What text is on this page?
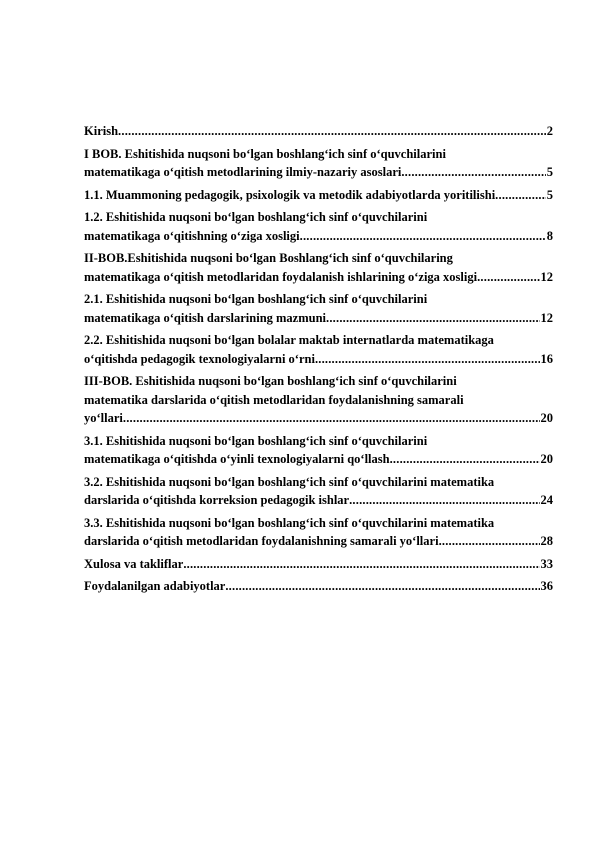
Kirish .....	2
I BOB. Eshitishida nuqsoni boʻlgan boshlangʻich sinf oʻquvchilarini
matematikaga oʻqitish metodlarining ilmiy-nazariy asoslari .....	5
1.1. Muammoning pedagogik, psixologik va metodik adabiyotlarda yoritilishi .....	5
1.2. Eshitishida nuqsoni boʻlgan boshlangʻich sinf oʻquvchilarini
matematikaga oʻqitishning oʻziga xosligi .....	8
II-BOB.Eshitishida nuqsoni boʻlgan Boshlangʻich sinf oʻquvchilaring
matematikaga oʻqitish metodlaridan foydalanish ishlarining oʻziga xosligi .....	12
2.1. Eshitishida nuqsoni boʻlgan boshlangʻich sinf oʻquvchilarini
matematikaga oʻqitish darslarining mazmuni .....	12
2.2. Eshitishida nuqsoni boʻlgan bolalar maktab internatlarda matematikaga
oʻqitishda pedagogik texnologiyalarni oʻrni .....	16
III-BOB. Eshitishida nuqsoni boʻlgan boshlangʻich sinf oʻquvchilarini
matematika darslarida oʻqitish metodlaridan foydalanishning samarali
yoʻllari .....	20
3.1. Eshitishida nuqsoni boʻlgan boshlangʻich sinf oʻquvchilarini
matematikaga oʻqitishda oʻyinli texnologiyalarni qoʻllash .....	20
3.2. Eshitishida nuqsoni boʻlgan boshlangʻich sinf oʻquvchilarini matematika
darslarida oʻqitishda korreksion pedagogik ishlar .....	24
3.3. Eshitishida nuqsoni boʻlgan boshlangʻich sinf oʻquvchilarini matematika
darslarida oʻqitish metodlaridan foydalanishning samarali yoʻllari .....	28
Xulosa va takliflar .....	33
Foydalanilgan adabiyotlar .....	36
